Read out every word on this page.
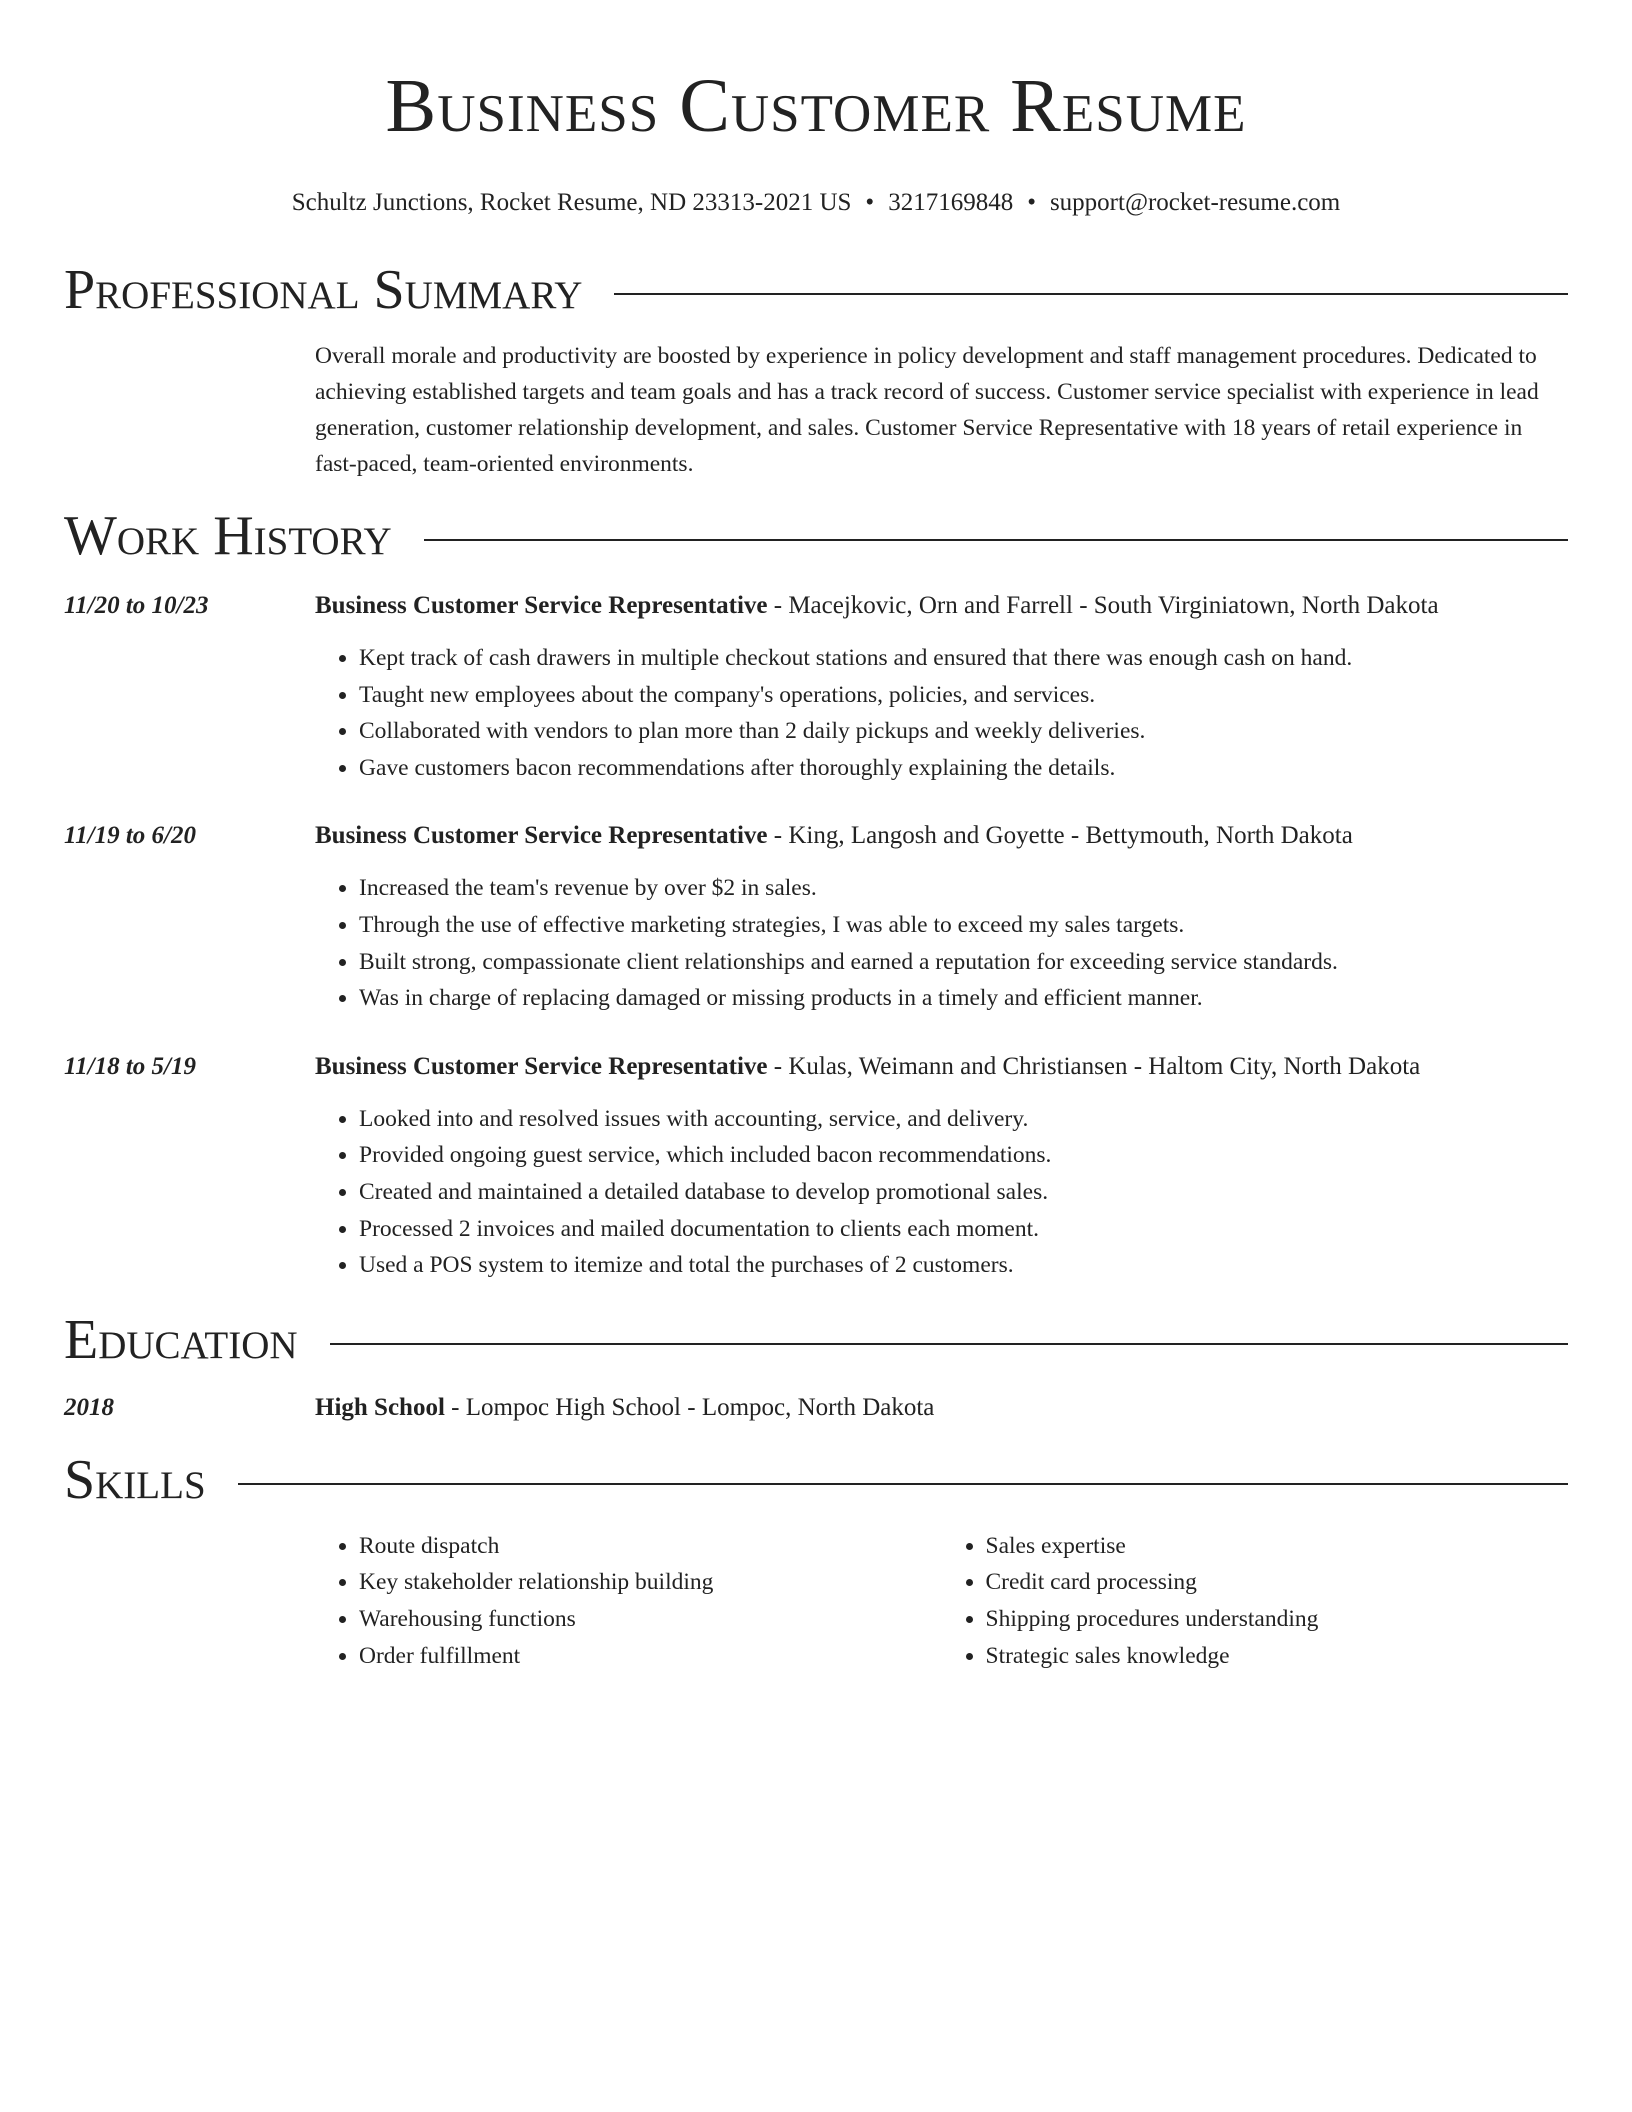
Business Customer Resume
Schultz Junctions, Rocket Resume, ND 23313-2021 US • 3217169848 • support@rocket-resume.com
Professional Summary
Overall morale and productivity are boosted by experience in policy development and staff management procedures. Dedicated to achieving established targets and team goals and has a track record of success. Customer service specialist with experience in lead generation, customer relationship development, and sales. Customer Service Representative with 18 years of retail experience in fast-paced, team-oriented environments.
Work History
11/20 to 10/23	Business Customer Service Representative - Macejkovic, Orn and Farrell - South Virginiatown, North Dakota
• Kept track of cash drawers in multiple checkout stations and ensured that there was enough cash on hand.
• Taught new employees about the company's operations, policies, and services.
• Collaborated with vendors to plan more than 2 daily pickups and weekly deliveries.
• Gave customers bacon recommendations after thoroughly explaining the details.
11/19 to 6/20	Business Customer Service Representative - King, Langosh and Goyette - Bettymouth, North Dakota
• Increased the team's revenue by over $2 in sales.
• Through the use of effective marketing strategies, I was able to exceed my sales targets.
• Built strong, compassionate client relationships and earned a reputation for exceeding service standards.
• Was in charge of replacing damaged or missing products in a timely and efficient manner.
11/18 to 5/19	Business Customer Service Representative - Kulas, Weimann and Christiansen - Haltom City, North Dakota
• Looked into and resolved issues with accounting, service, and delivery.
• Provided ongoing guest service, which included bacon recommendations.
• Created and maintained a detailed database to develop promotional sales.
• Processed 2 invoices and mailed documentation to clients each moment.
• Used a POS system to itemize and total the purchases of 2 customers.
Education
2018	High School - Lompoc High School - Lompoc, North Dakota
Skills
• Route dispatch
• Key stakeholder relationship building
• Warehousing functions
• Order fulfillment
• Sales expertise
• Credit card processing
• Shipping procedures understanding
• Strategic sales knowledge
